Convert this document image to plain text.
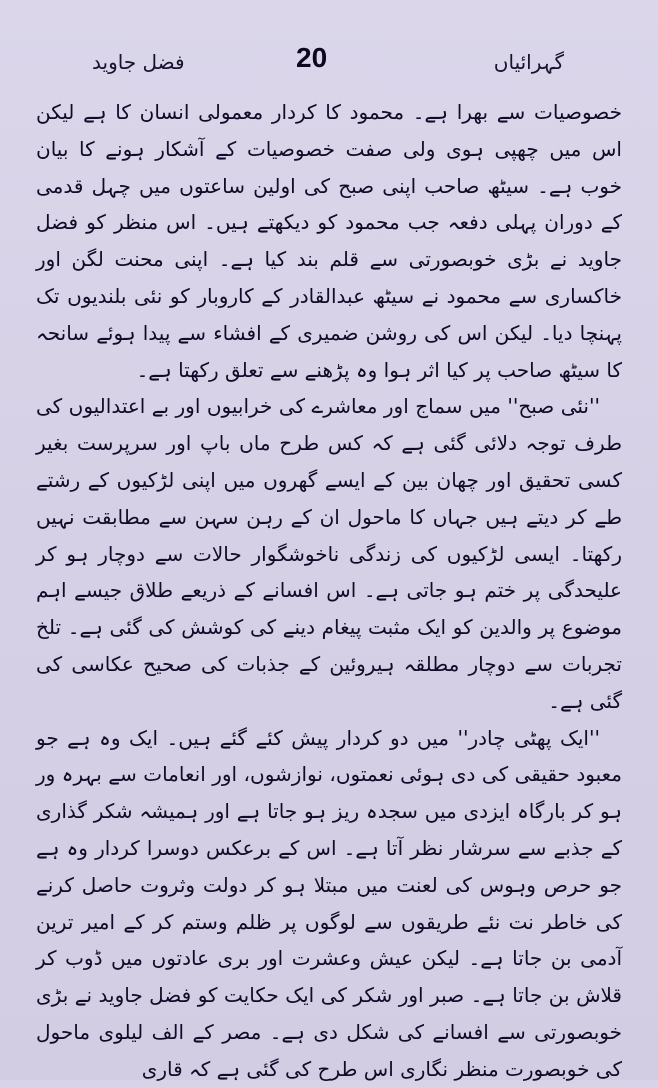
فضل جاوید	20	گہرائیاں

خصوصیات سے بھرا ہے۔ محمود کا کردار معمولی انسان کا ہے لیکن اس میں چھپی ہوی ولی صفت خصوصیات کے آشکار ہونے کا بیان خوب ہے۔ سیٹھ صاحب اپنی صبح کی اولین ساعتوں میں چہل قدمی کے دوران پہلی دفعہ جب محمود کو دیکھتے ہیں۔ اس منظر کو فضل جاوید نے بڑی خوبصورتی سے قلم بند کیا ہے۔ اپنی محنت لگن اور خاکساری سے محمود نے سیٹھ عبدالقادر کے کاروبار کو نئی بلندیوں تک پہنچا دیا۔ لیکن اس کی روشن ضمیری کے افشاء سے پیدا ہوئے سانحہ کا سیٹھ صاحب پر کیا اثر ہوا وہ پڑھنے سے تعلق رکھتا ہے۔

''نئی صبح'' میں سماج اور معاشرے کی خرابیوں اور بے اعتدالیوں کی طرف توجہ دلائی گئی ہے کہ کس طرح ماں باپ اور سرپرست بغیر کسی تحقیق اور چھان بین کے ایسے گھروں میں اپنی لڑکیوں کے رشتے طے کر دیتے ہیں جہاں کا ماحول ان کے رہن سہن سے مطابقت نہیں رکھتا۔ ایسی لڑکیوں کی زندگی ناخوشگوار حالات سے دوچار ہو کر علیحدگی پر ختم ہو جاتی ہے۔ اس افسانے کے ذریعے طلاق جیسے اہم موضوع پر والدین کو ایک مثبت پیغام دینے کی کوشش کی گئی ہے۔ تلخ تجربات سے دوچار مطلقہ ہیروئین کے جذبات کی صحیح عکاسی کی گئی ہے۔

''ایک پھٹی چادر'' میں دو کردار پیش کئے گئے ہیں۔ ایک وہ ہے جو معبود حقیقی کی دی ہوئی نعمتوں، نوازشوں، اور انعامات سے بہرہ ور ہو کر بارگاہ ایزدی میں سجدہ ریز ہو جاتا ہے اور ہمیشہ شکر گذاری کے جذبے سے سرشار نظر آتا ہے۔ اس کے برعکس دوسرا کردار وہ ہے جو حرص وہوس کی لعنت میں مبتلا ہو کر دولت وثروت حاصل کرنے کی خاطر نت نئے طریقوں سے لوگوں پر ظلم وستم کر کے امیر ترین آدمی بن جاتا ہے۔ لیکن عیش وعشرت اور بری عادتوں میں ڈوب کر قلاش بن جاتا ہے۔ صبر اور شکر کی ایک حکایت کو فضل جاوید نے بڑی خوبصورتی سے افسانے کی شکل دی ہے۔ مصر کے الف لیلوی ماحول کی خوبصورت منظر نگاری اس طرح کی گئی ہے کہ قاری
